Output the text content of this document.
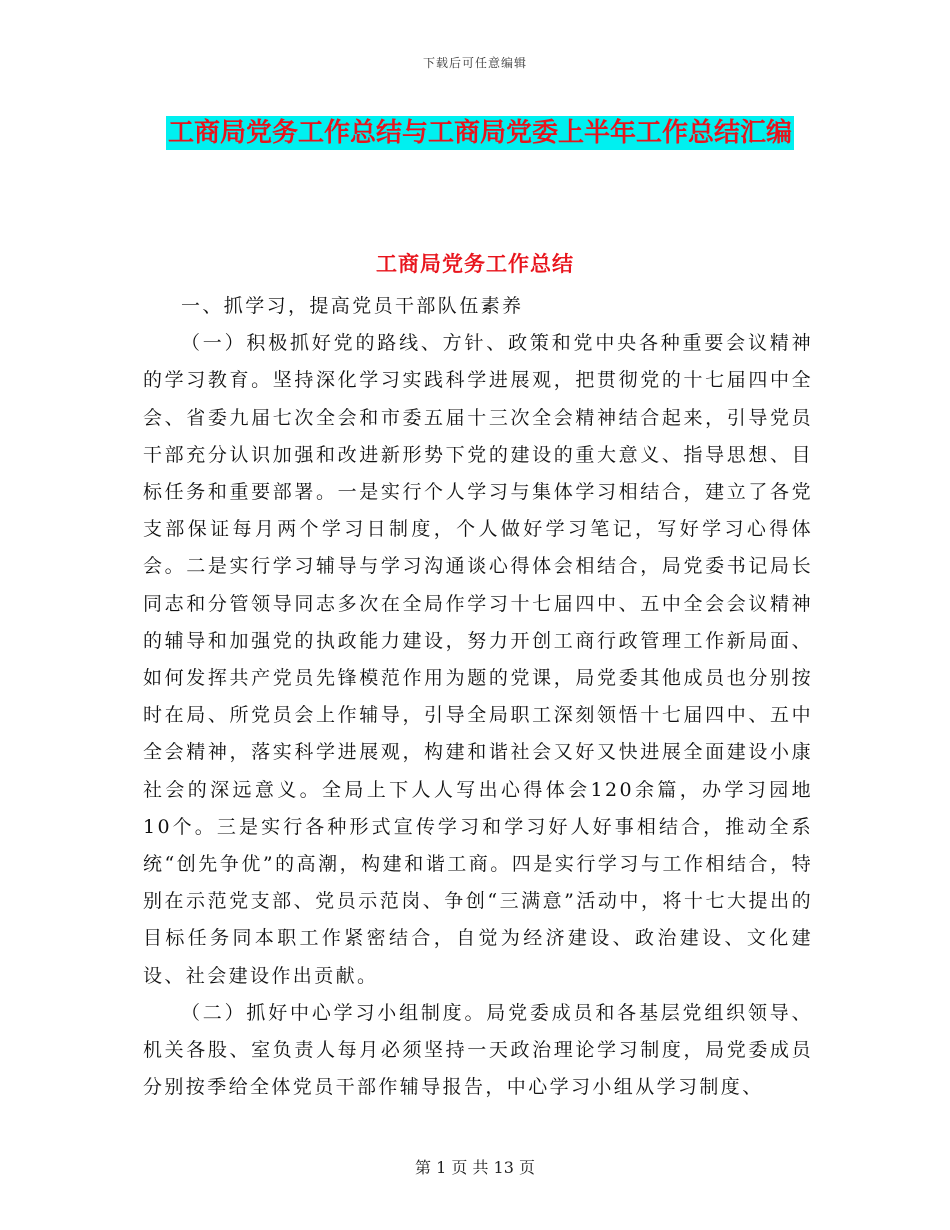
下载后可任意编辑
工商局党务工作总结与工商局党委上半年工作总结汇编
工商局党务工作总结

一、抓学习，提高党员干部队伍素养

（一）积极抓好党的路线、方针、政策和党中央各种重要会议精神的学习教育。坚持深化学习实践科学进展观，把贯彻党的十七届四中全会、省委九届七次全会和市委五届十三次全会精神结合起来，引导党员干部充分认识加强和改进新形势下党的建设的重大意义、指导思想、目标任务和重要部署。一是实行个人学习与集体学习相结合，建立了各党支部保证每月两个学习日制度，个人做好学习笔记，写好学习心得体会。二是实行学习辅导与学习沟通谈心得体会相结合，局党委书记局长同志和分管领导同志多次在全局作学习十七届四中、五中全会会议精神的辅导和加强党的执政能力建设，努力开创工商行政管理工作新局面、如何发挥共产党员先锋模范作用为题的党课，局党委其他成员也分别按时在局、所党员会上作辅导，引导全局职工深刻领悟十七届四中、五中全会精神，落实科学进展观，构建和谐社会又好又快进展全面建设小康社会的深远意义。全局上下人人写出心得体会120余篇，办学习园地10个。三是实行各种形式宣传学习和学习好人好事相结合，推动全系统“创先争优”的高潮，构建和谐工商。四是实行学习与工作相结合，特别在示范党支部、党员示范岗、争创“三满意”活动中，将十七大提出的目标任务同本职工作紧密结合，自觉为经济建设、政治建设、文化建设、社会建设作出贡献。

（二）抓好中心学习小组制度。局党委成员和各基层党组织领导、机关各股、室负责人每月必须坚持一天政治理论学习制度，局党委成员分别按季给全体党员干部作辅导报告，中心学习小组从学习制度、

第 1 页 共 13 页
